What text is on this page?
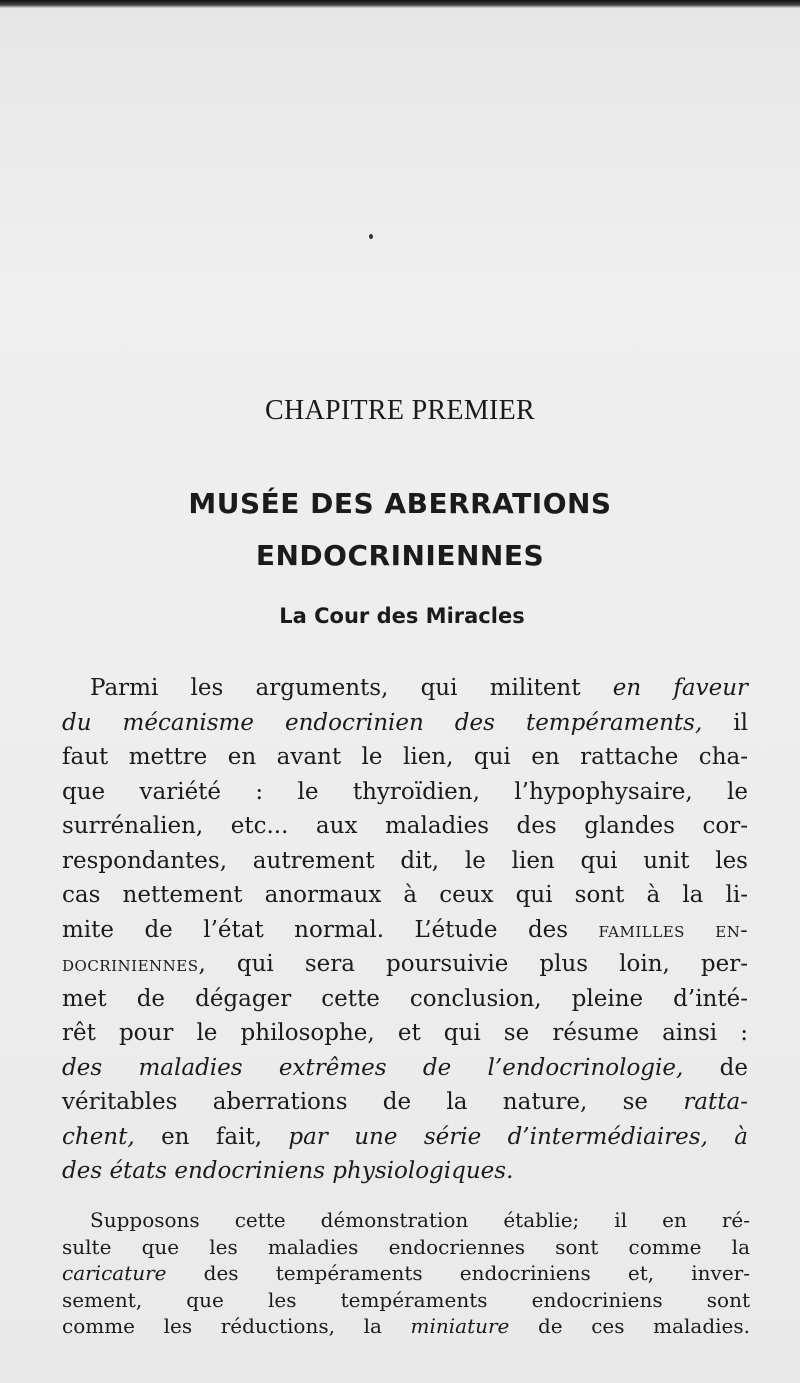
CHAPITRE PREMIER
MUSÉE DES ABERRATIONS
ENDOCRINIENNES
La Cour des Miracles
Parmi les arguments, qui militent en faveur
du mécanisme endocrinien des tempéraments, il
faut mettre en avant le lien, qui en rattache cha-
que variété : le thyroïdien, l’hypophysaire, le
surrénalien, etc... aux maladies des glandes cor-
respondantes, autrement dit, le lien qui unit les
cas nettement anormaux à ceux qui sont à la li-
mite de l’état normal. L’étude des familles en-
docriniennes, qui sera poursuivie plus loin, per-
met de dégager cette conclusion, pleine d’inté-
rêt pour le philosophe, et qui se résume ainsi :
des maladies extrêmes de l’endocrinologie, de
véritables aberrations de la nature, se ratta-
chent, en fait, par une série d’intermédiaires, à
des états endocriniens physiologiques.
Supposons cette démonstration établie; il en ré-
sulte que les maladies endocriennes sont comme la
caricature des tempéraments endocriniens et, inver-
sement, que les tempéraments endocriniens sont
comme les réductions, la miniature de ces maladies.
